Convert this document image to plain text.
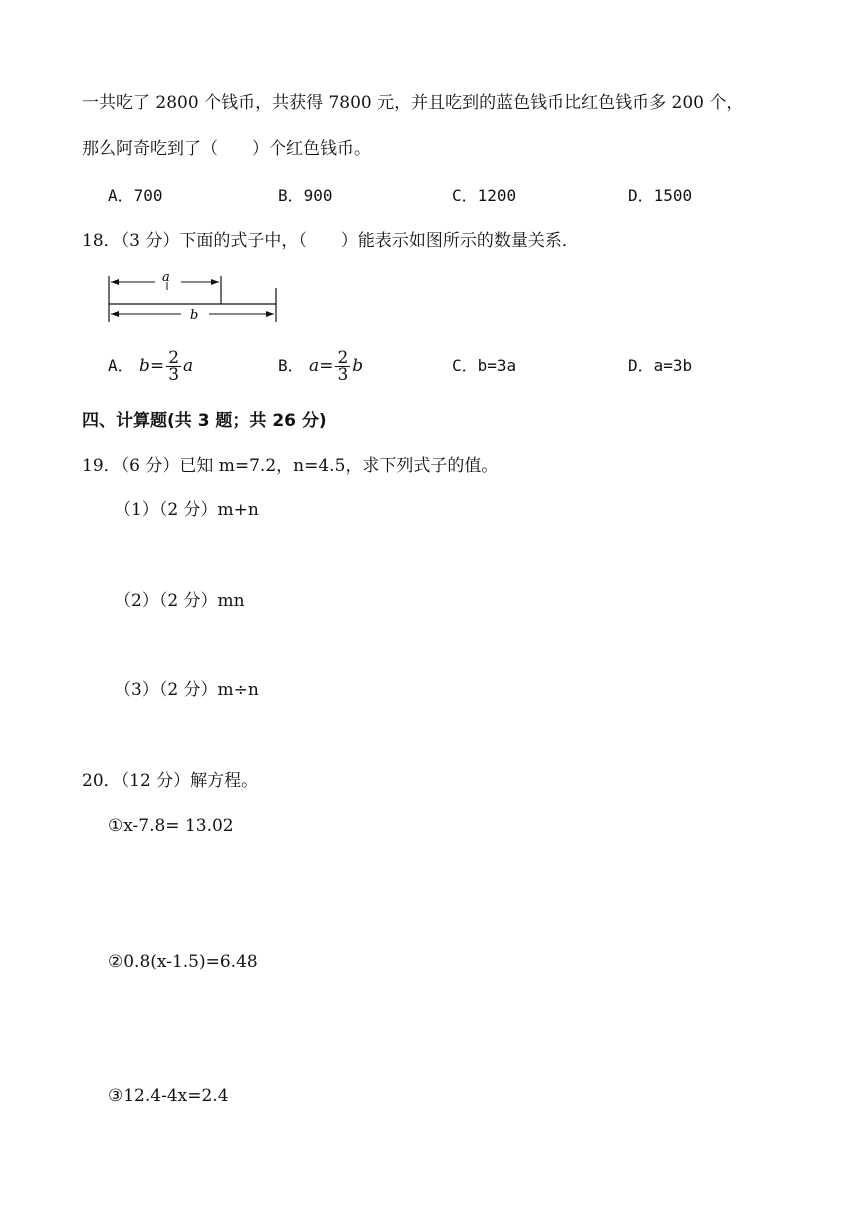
一共吃了 2800 个钱币，共获得 7800 元，并且吃到的蓝色钱币比红色钱币多 200 个，
那么阿奇吃到了（　　）个红色钱币。
A．700	B．900	C．1200	D．1500
18．（3 分）下面的式子中，（　　）能表示如图所示的数量关系．
a
b
A． $b= \frac{2}{3}$ a	B． $a= \frac{2}{3}$ b	C．b=3a	D．a=3b
四、计算题(共 3 题；共 26 分)
19．（6 分）已知 m=7.2，n=4.5，求下列式子的值。
（1）（2 分）m+n
（2）（2 分）mn
（3）（2 分）m÷n
20．（12 分）解方程。
①x-7.8= 13.02
②0.8(x-1.5)=6.48
③12.4-4x=2.4
